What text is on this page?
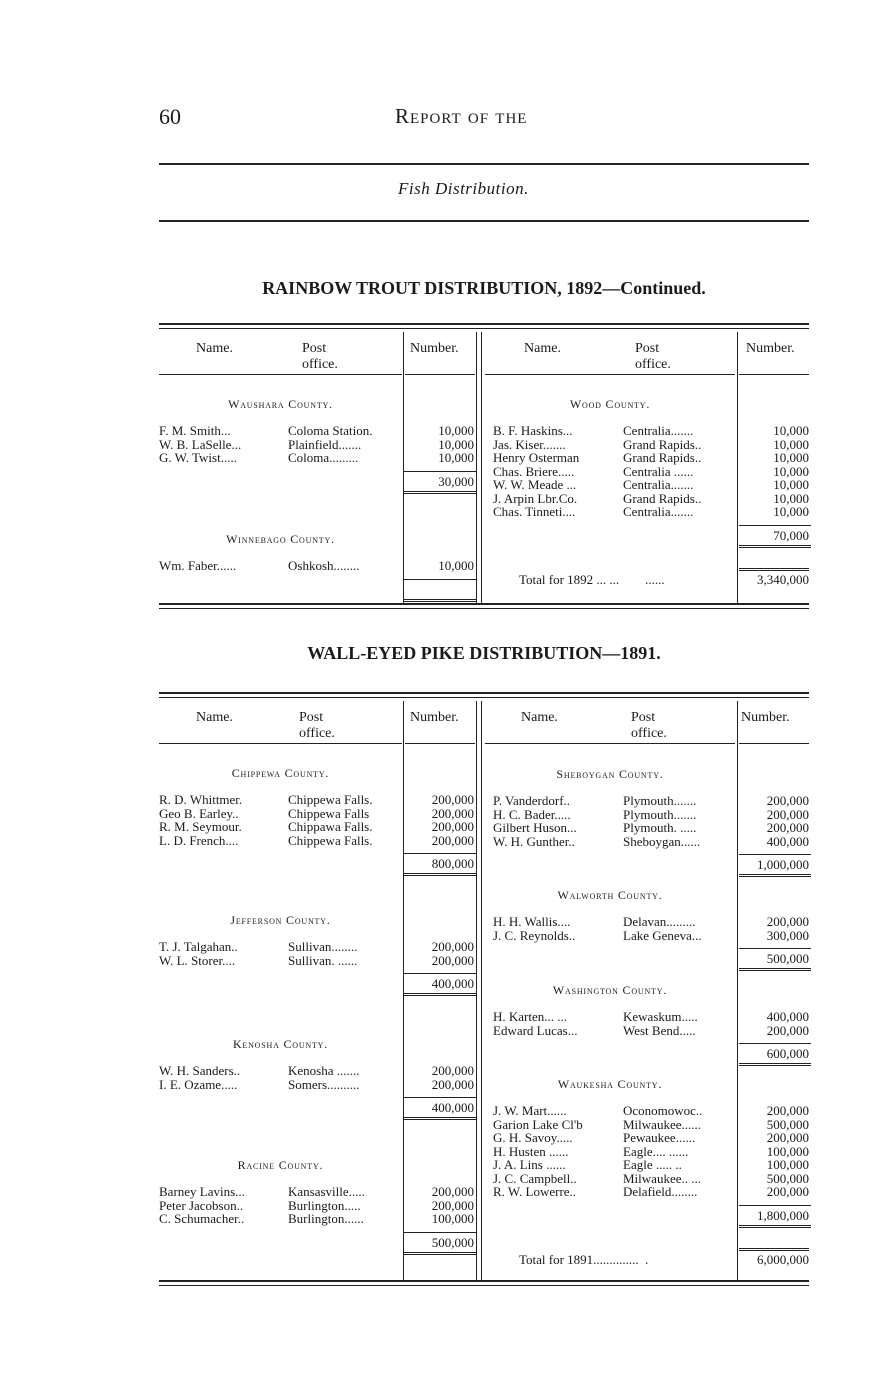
60	Report of the
Fish Distribution.
RAINBOW TROUT DISTRIBUTION, 1892—Continued.
Name.	Post office.
Number.	Name.	Post office.
Number.
Waushara County.
F. M. Smith...	Coloma Station.	10,000
W. B. LaSelle...	Plainfield.......	10,000
G. W. Twist.....	Coloma.........	10,000
30,000
Winnebago County.
Wm. Faber......	Oshkosh........	10,000
Wood County.
B. F. Haskins...	Centralia.......	10,000
Jas. Kiser.......	Grand Rapids..	10,000
Henry Osterman	Grand Rapids..	10,000
Chas. Briere.....	Centralia ......	10,000
W. W. Meade ...	Centralia.......	10,000
J. Arpin Lbr.Co.	Grand Rapids..	10,000
Chas. Tinneti....	Centralia.......	10,000
70,000
Total for 1892 ... ...        ......	3,340,000
WALL-EYED PIKE DISTRIBUTION—1891.
Name.	Post office.
Number.	Name.	Post office.
Number.
Chippewa County.
R. D. Whittmer.	Chippewa Falls.	200,000
Geo B. Earley..	Chippewa Falls	200,000
R. M. Seymour.	Chippawa Falls.	200,000
L. D. French....	Chippewa Falls.	200,000
800,000
Jefferson County.
T. J. Talgahan..	Sullivan........	200,000
W. L. Storer....	Sullivan. ......	200,000
400,000
Kenosha County.
W. H. Sanders..	Kenosha .......	200,000
I. E. Ozame.....	Somers..........	200,000
400,000
Racine County.
Barney Lavins...	Kansasville.....	200,000
Peter Jacobson..	Burlington.....	200,000
C. Schumacher..	Burlington......	100,000
500,000
Sheboygan County.
P. Vanderdorf..	Plymouth.......	200,000
H. C. Bader.....	Plymouth.......	200,000
Gilbert Huson...	Plymouth. .....	200,000
W. H. Gunther..	Sheboygan......	400,000
1,000,000
Walworth County.
H. H. Wallis....	Delavan.........	200,000
J. C. Reynolds..	Lake Geneva...	300,000
500,000
Washington County.
H. Karten... ...	Kewaskum.....	400,000
Edward Lucas...	West Bend.....	200,000
600,000
Waukesha County.
J. W. Mart......	Oconomowoc..	200,000
Garion Lake Cl'b	Milwaukee......	500,000
G. H. Savoy.....	Pewaukee......	200,000
H. Husten ......	Eagle.... ......	100,000
J. A. Lins ......	Eagle ..... ..	100,000
J. C. Campbell..	Milwaukee.. ...	500,000
R. W. Lowerre..	Delafield........	200,000
1,800,000
Total for 1891..............  .	6,000,000
